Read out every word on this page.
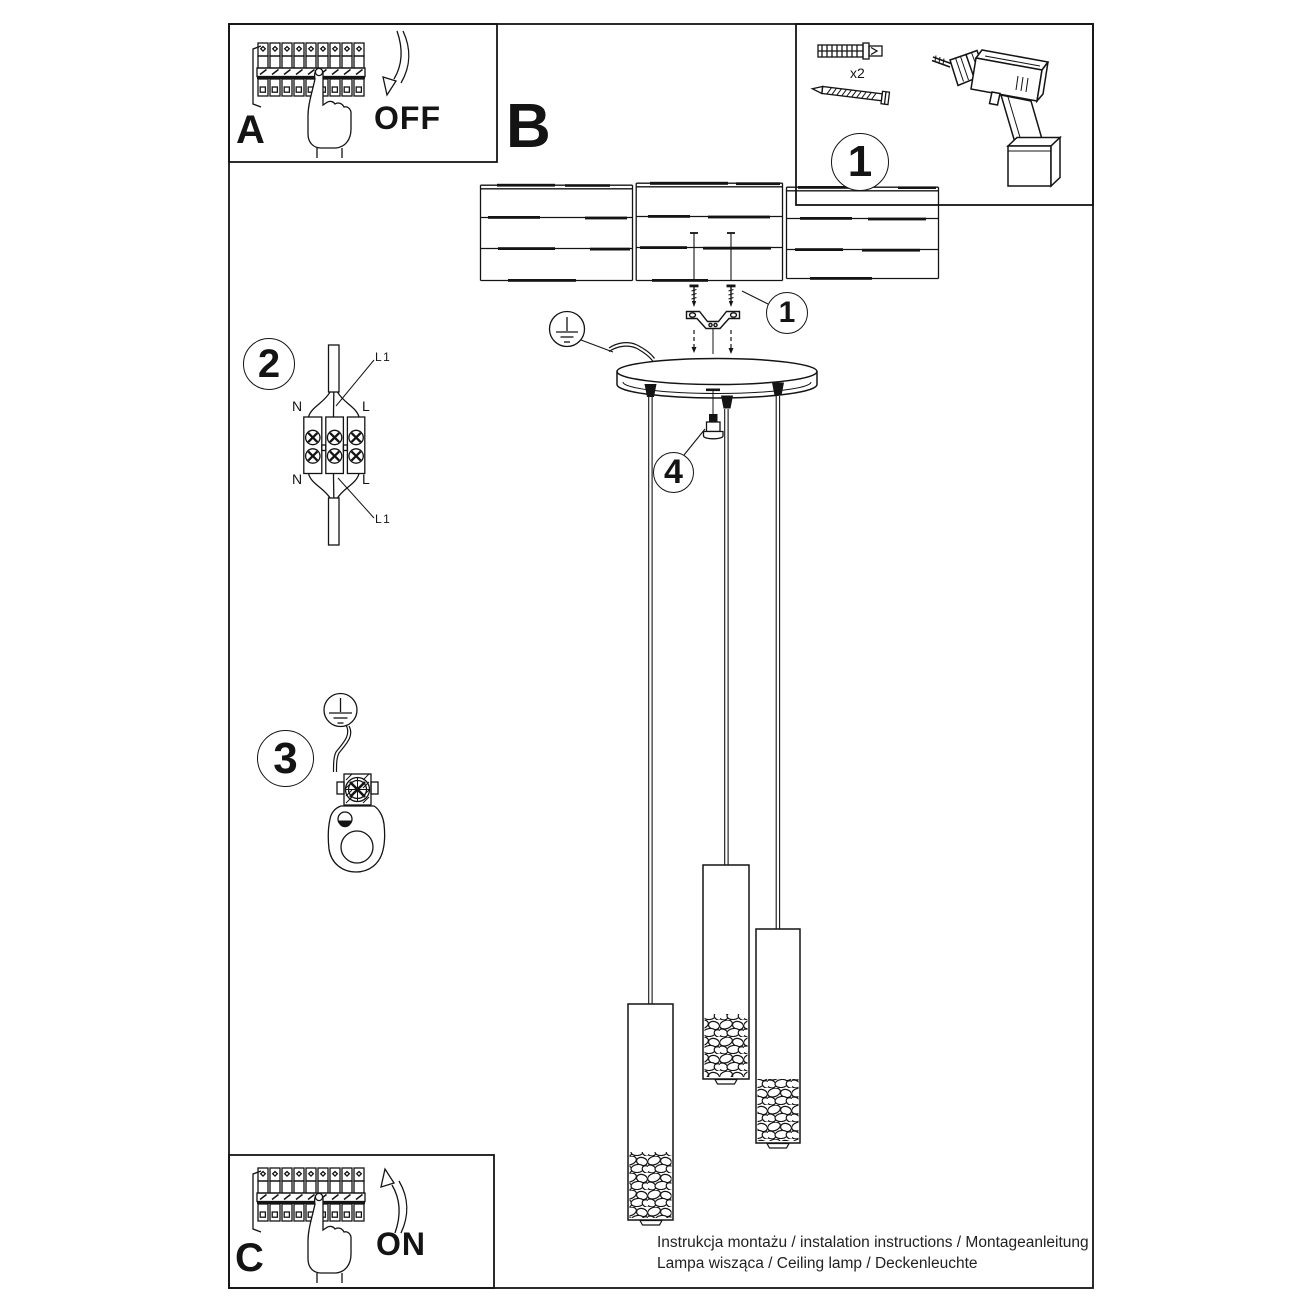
A	OFF B
x2
1
1
2	L1
N	L
N	L
L1
3
4
C	ON	Instrukcja montażu / instalation instructions / Montageanleitung
Lampa wisząca / Ceiling lamp / Deckenleuchte
